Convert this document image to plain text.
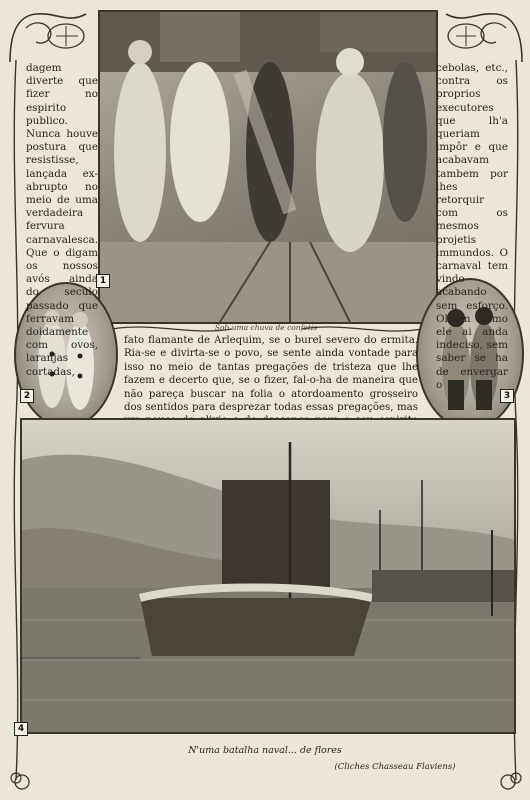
1
2	3
dagem diverte que fizer no espirito publico. Nunca houve postura que resistisse, lançada ex-abrupto no meio de uma verdadeira fervura carnavalesca. Que o digam os nossos avós ainda do seculo passado que ferravam doidamente com ovos, laranjas cortadas,
cebolas, etc., contra os proprios executores que lh'a queriam impôr e que acabavam tambem por lhes retorquir com os mesmos projetis immundos. O carnaval tem vindo acabando sem esforço. Olhem como ele ai anda indeciso, sem saber se ha de envergar o
Sob uma chuva de confetis
fato flamante de Arlequim, se o burel severo do ermita. Ria-se e divirta-se o povo, se sente ainda vontade para isso no meio de tantas pregações de tristeza que lhe fazem e decerto que, se o fizer, fal-o-ha de maneira que não pareça buscar na folia o atordoamento grosseiro dos sentidos para desprezar todas essas pregações, mas
4
N'uma batalha naval... de flores
(Cliches Chasseau Flaviens)
